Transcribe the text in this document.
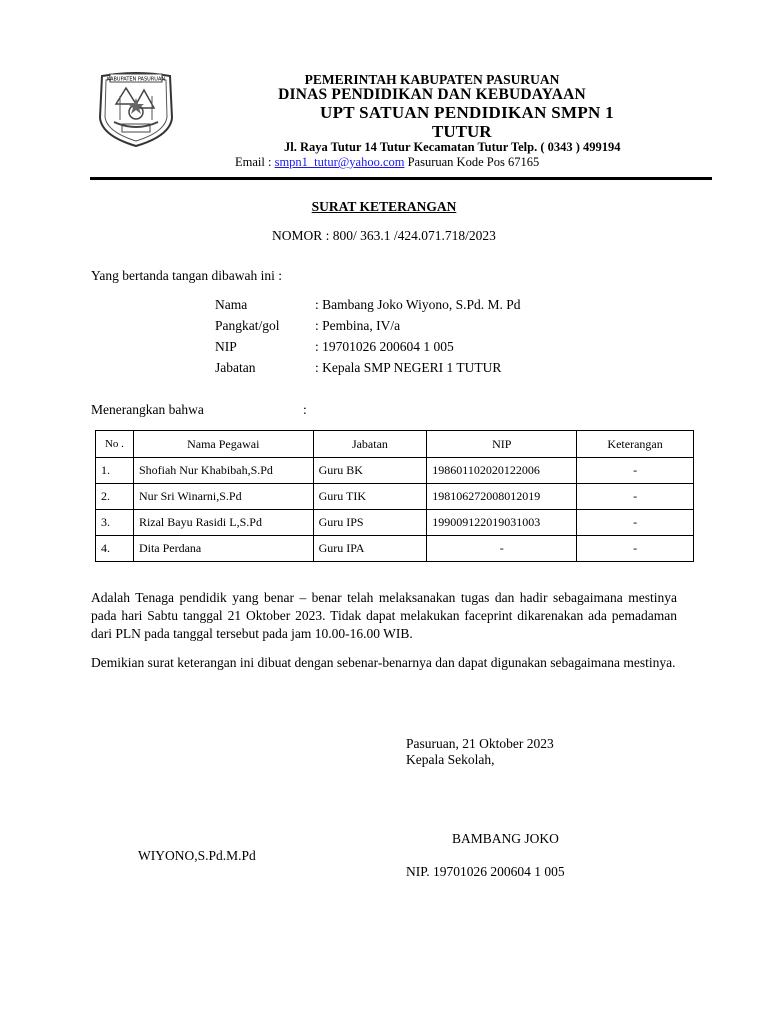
KABUPATEN PASURUAN	PEMERINTAH KABUPATEN PASURUAN
DINAS PENDIDIKAN DAN KEBUDAYAAN
UPT SATUAN PENDIDIKAN SMPN 1
TUTUR
Jl. Raya Tutur 14 Tutur Kecamatan Tutur Telp. ( 0343 ) 499194
Email : smpn1_tutur@yahoo.com Pasuruan Kode Pos 67165
SURAT KETERANGAN
NOMOR : 800/ 363.1 /424.071.718/2023
Yang bertanda tangan dibawah ini :
Nama	: Bambang Joko Wiyono, S.Pd. M. Pd
Pangkat/gol	: Pembina, IV/a
NIP	: 19701026 200604 1 005
Jabatan	: Kepala SMP NEGERI 1 TUTUR
Menerangkan bahwa	:
No .	Nama Pegawai	Jabatan	NIP	Keterangan
1.	Shofiah Nur Khabibah,S.Pd	Guru BK	198601102020122006	-
2.	Nur Sri Winarni,S.Pd	Guru TIK	198106272008012019	-
3.	Rizal Bayu Rasidi L,S.Pd	Guru IPS	199009122019031003	-
4.	Dita Perdana	Guru IPA	-	-
Adalah Tenaga pendidik yang benar – benar telah melaksanakan tugas dan hadir sebagaimana mestinya pada hari Sabtu tanggal 21 Oktober 2023. Tidak dapat melakukan faceprint dikarenakan ada pemadaman dari PLN pada tanggal tersebut pada jam 10.00-16.00 WIB.
Demikian surat keterangan ini dibuat dengan sebenar-benarnya dan dapat digunakan sebagaimana mestinya.
Pasuruan, 21 Oktober 2023
Kepala Sekolah,
BAMBANG JOKO
WIYONO,S.Pd.M.Pd
NIP. 19701026 200604 1 005
